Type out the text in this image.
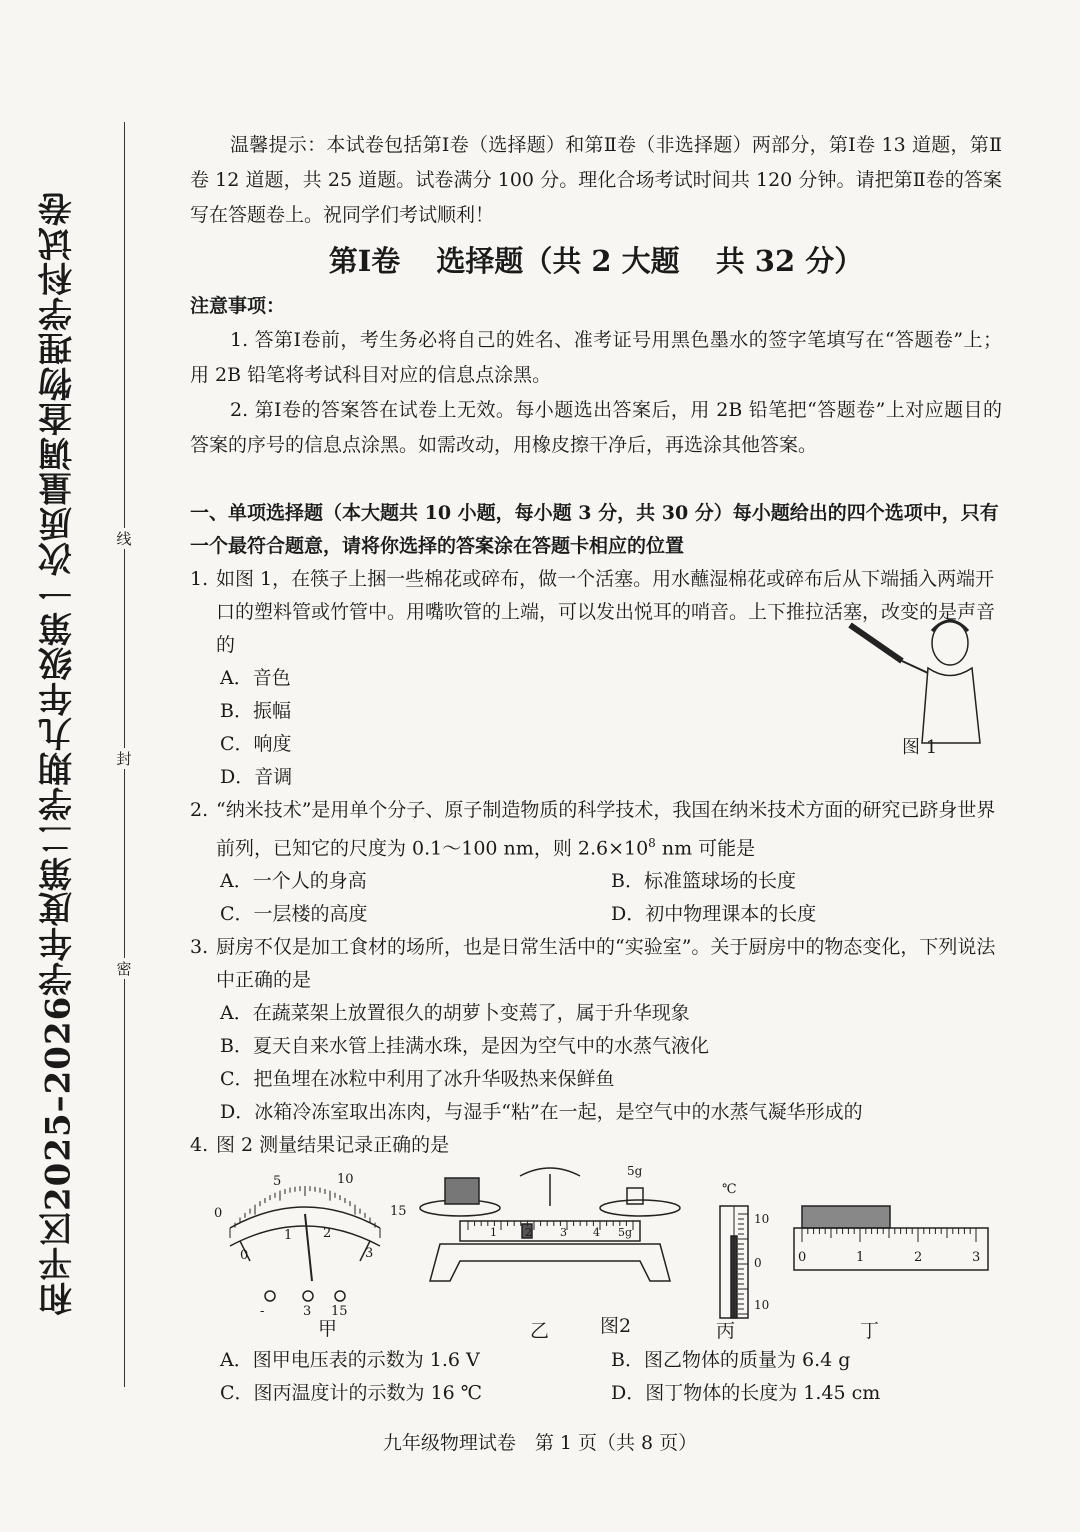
和平区2025–2026学年度第二学期九年级第一次质量调查物理学科试卷	线
封
密

温馨提示：本试卷包括第Ⅰ卷（选择题）和第Ⅱ卷（非选择题）两部分，第Ⅰ卷 13 道题，第Ⅱ卷 12 道题，共 25 道题。试卷满分 100 分。理化合场考试时间共 120 分钟。请把第Ⅱ卷的答案写在答题卷上。祝同学们考试顺利！

第Ⅰ卷 选择题（共 2 大题 共 32 分）
注意事项：

1. 答第Ⅰ卷前，考生务必将自己的姓名、准考证号用黑色墨水的签字笔填写在“答题卷”上；用 2B 铅笔将考试科目对应的信息点涂黑。

2. 第Ⅰ卷的答案答在试卷上无效。每小题选出答案后，用 2B 铅笔把“答题卷”上对应题目的答案的序号的信息点涂黑。如需改动，用橡皮擦干净后，再选涂其他答案。

一、单项选择题（本大题共 10 小题，每小题 3 分，共 30 分）每小题给出的四个选项中，只有一个最符合题意，请将你选择的答案涂在答题卡相应的位置
1. 如图 1，在筷子上捆一些棉花或碎布，做一个活塞。用水蘸湿棉花或碎布后从下端插入两端开口的塑料管或竹管中。用嘴吹管的上端，可以发出悦耳的哨音。上下推拉活塞，改变的是声音的
A．音色
B．振幅
C．响度
D．音调
图 1
2. “纳米技术”是用单个分子、原子制造物质的科学技术，我国在纳米技术方面的研究已跻身世界前列，已知它的尺度为 0.1～100 nm，则 $2.6\times 10^8$ nm 可能是
A．一个人的身高	B．标准篮球场的长度
C．一层楼的高度	D．初中物理课本的长度
3. 厨房不仅是加工食材的场所，也是日常生活中的“实验室”。关于厨房中的物态变化，下列说法中正确的是
A．在蔬菜架上放置很久的胡萝卜变蔫了，属于升华现象
B．夏天自来水管上挂满水珠，是因为空气中的水蒸气液化
C．把鱼埋在冰粒中利用了冰升华吸热来保鲜鱼
D．冰箱冷冻室取出冻肉，与湿手“粘”在一起，是空气中的水蒸气凝华形成的
4. 图 2 测量结果记录正确的是
0
5	10
15
0
1 2
3
-	3 15
5g
1	2	3 4 5g
℃
10
0
10
0	1	2	3
甲	乙	图2	丙	丁
A．图甲电压表的示数为 1.6 V	B．图乙物体的质量为 6.4 g
C．图丙温度计的示数为 16 ℃	D．图丁物体的长度为 1.45 cm
九年级物理试卷　第 1 页（共 8 页）
